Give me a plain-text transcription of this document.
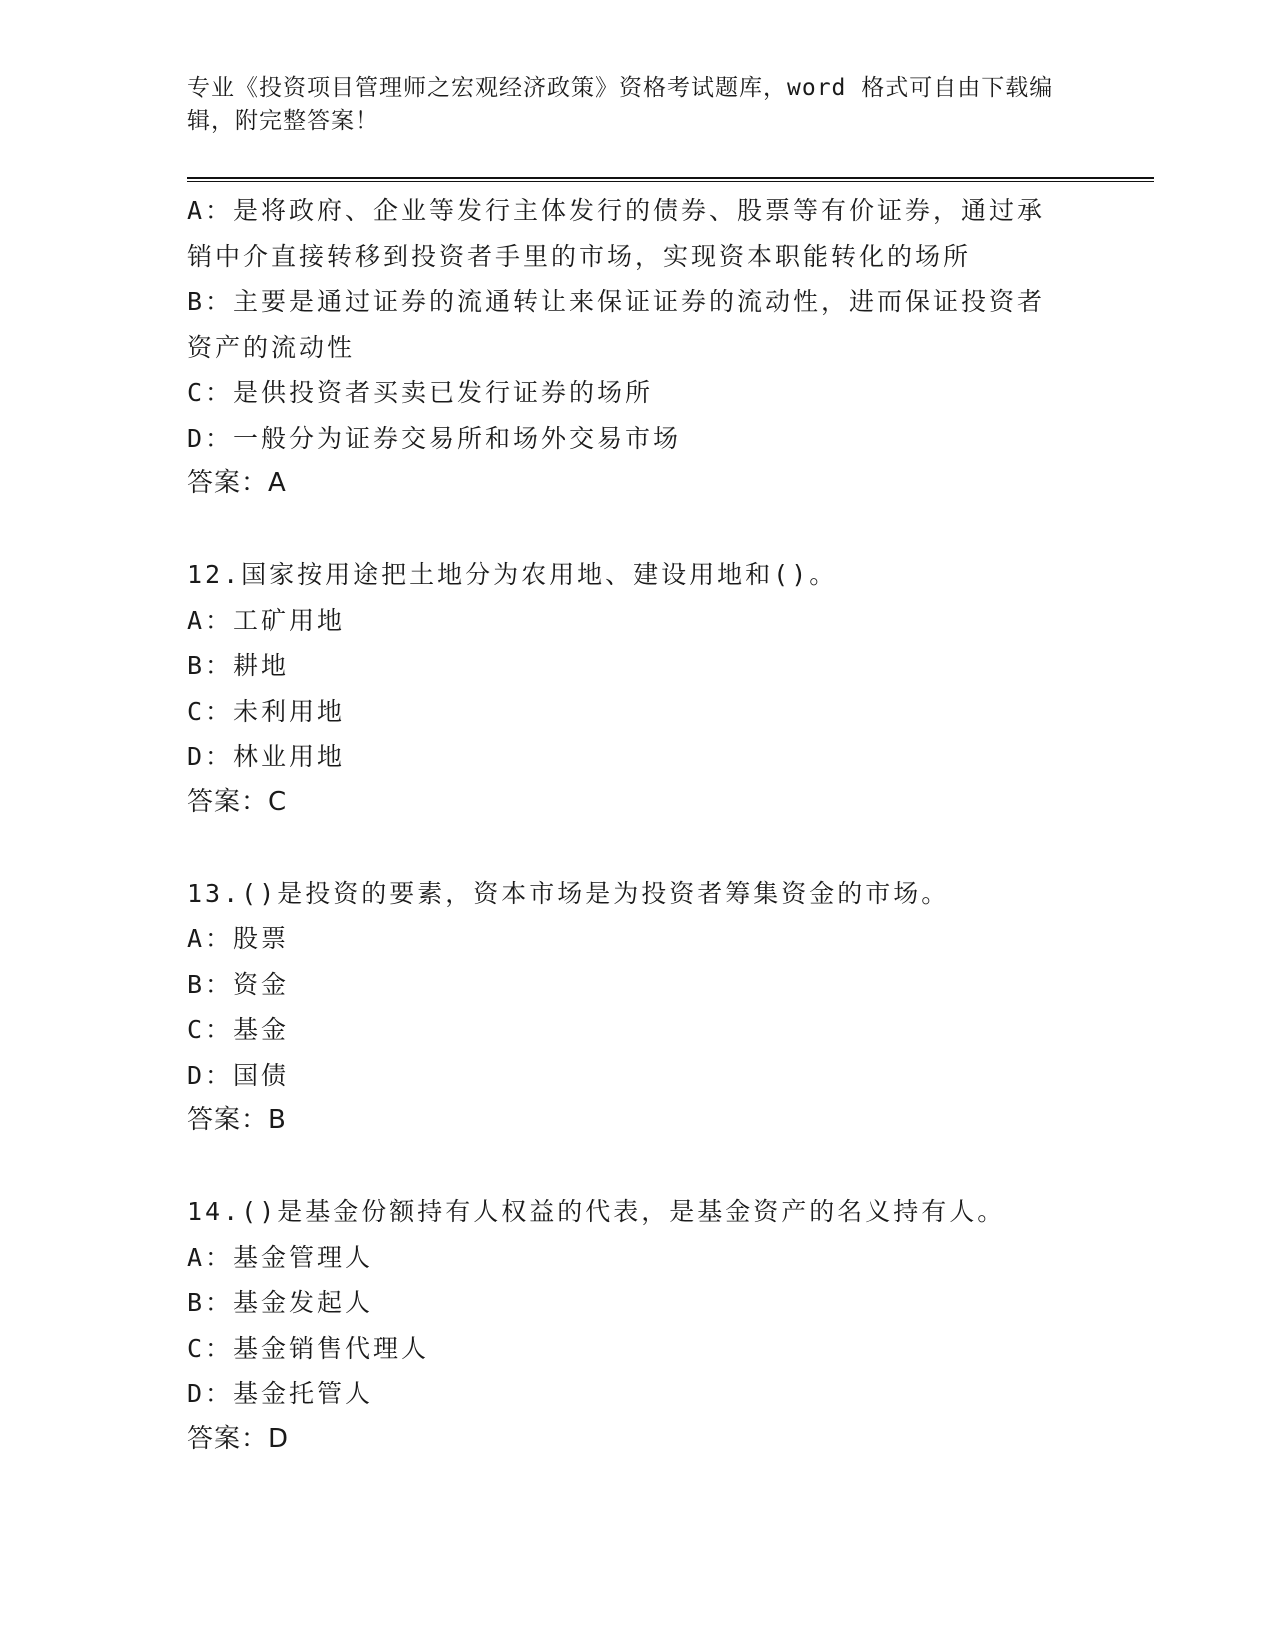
专业《投资项目管理师之宏观经济政策》资格考试题库，word 格式可自由下载编
辑，附完整答案！
A：是将政府、企业等发行主体发行的债券、股票等有价证券，通过承
销中介直接转移到投资者手里的市场，实现资本职能转化的场所
B：主要是通过证券的流通转让来保证证券的流动性，进而保证投资者
资产的流动性
C：是供投资者买卖已发行证券的场所
D：一般分为证券交易所和场外交易市场
答案：A
12.国家按用途把土地分为农用地、建设用地和()。
A：工矿用地
B：耕地
C：未利用地
D：林业用地
答案：C
13.()是投资的要素，资本市场是为投资者筹集资金的市场。
A：股票
B：资金
C：基金
D：国债
答案：B
14.()是基金份额持有人权益的代表，是基金资产的名义持有人。
A：基金管理人
B：基金发起人
C：基金销售代理人
D：基金托管人
答案：D
